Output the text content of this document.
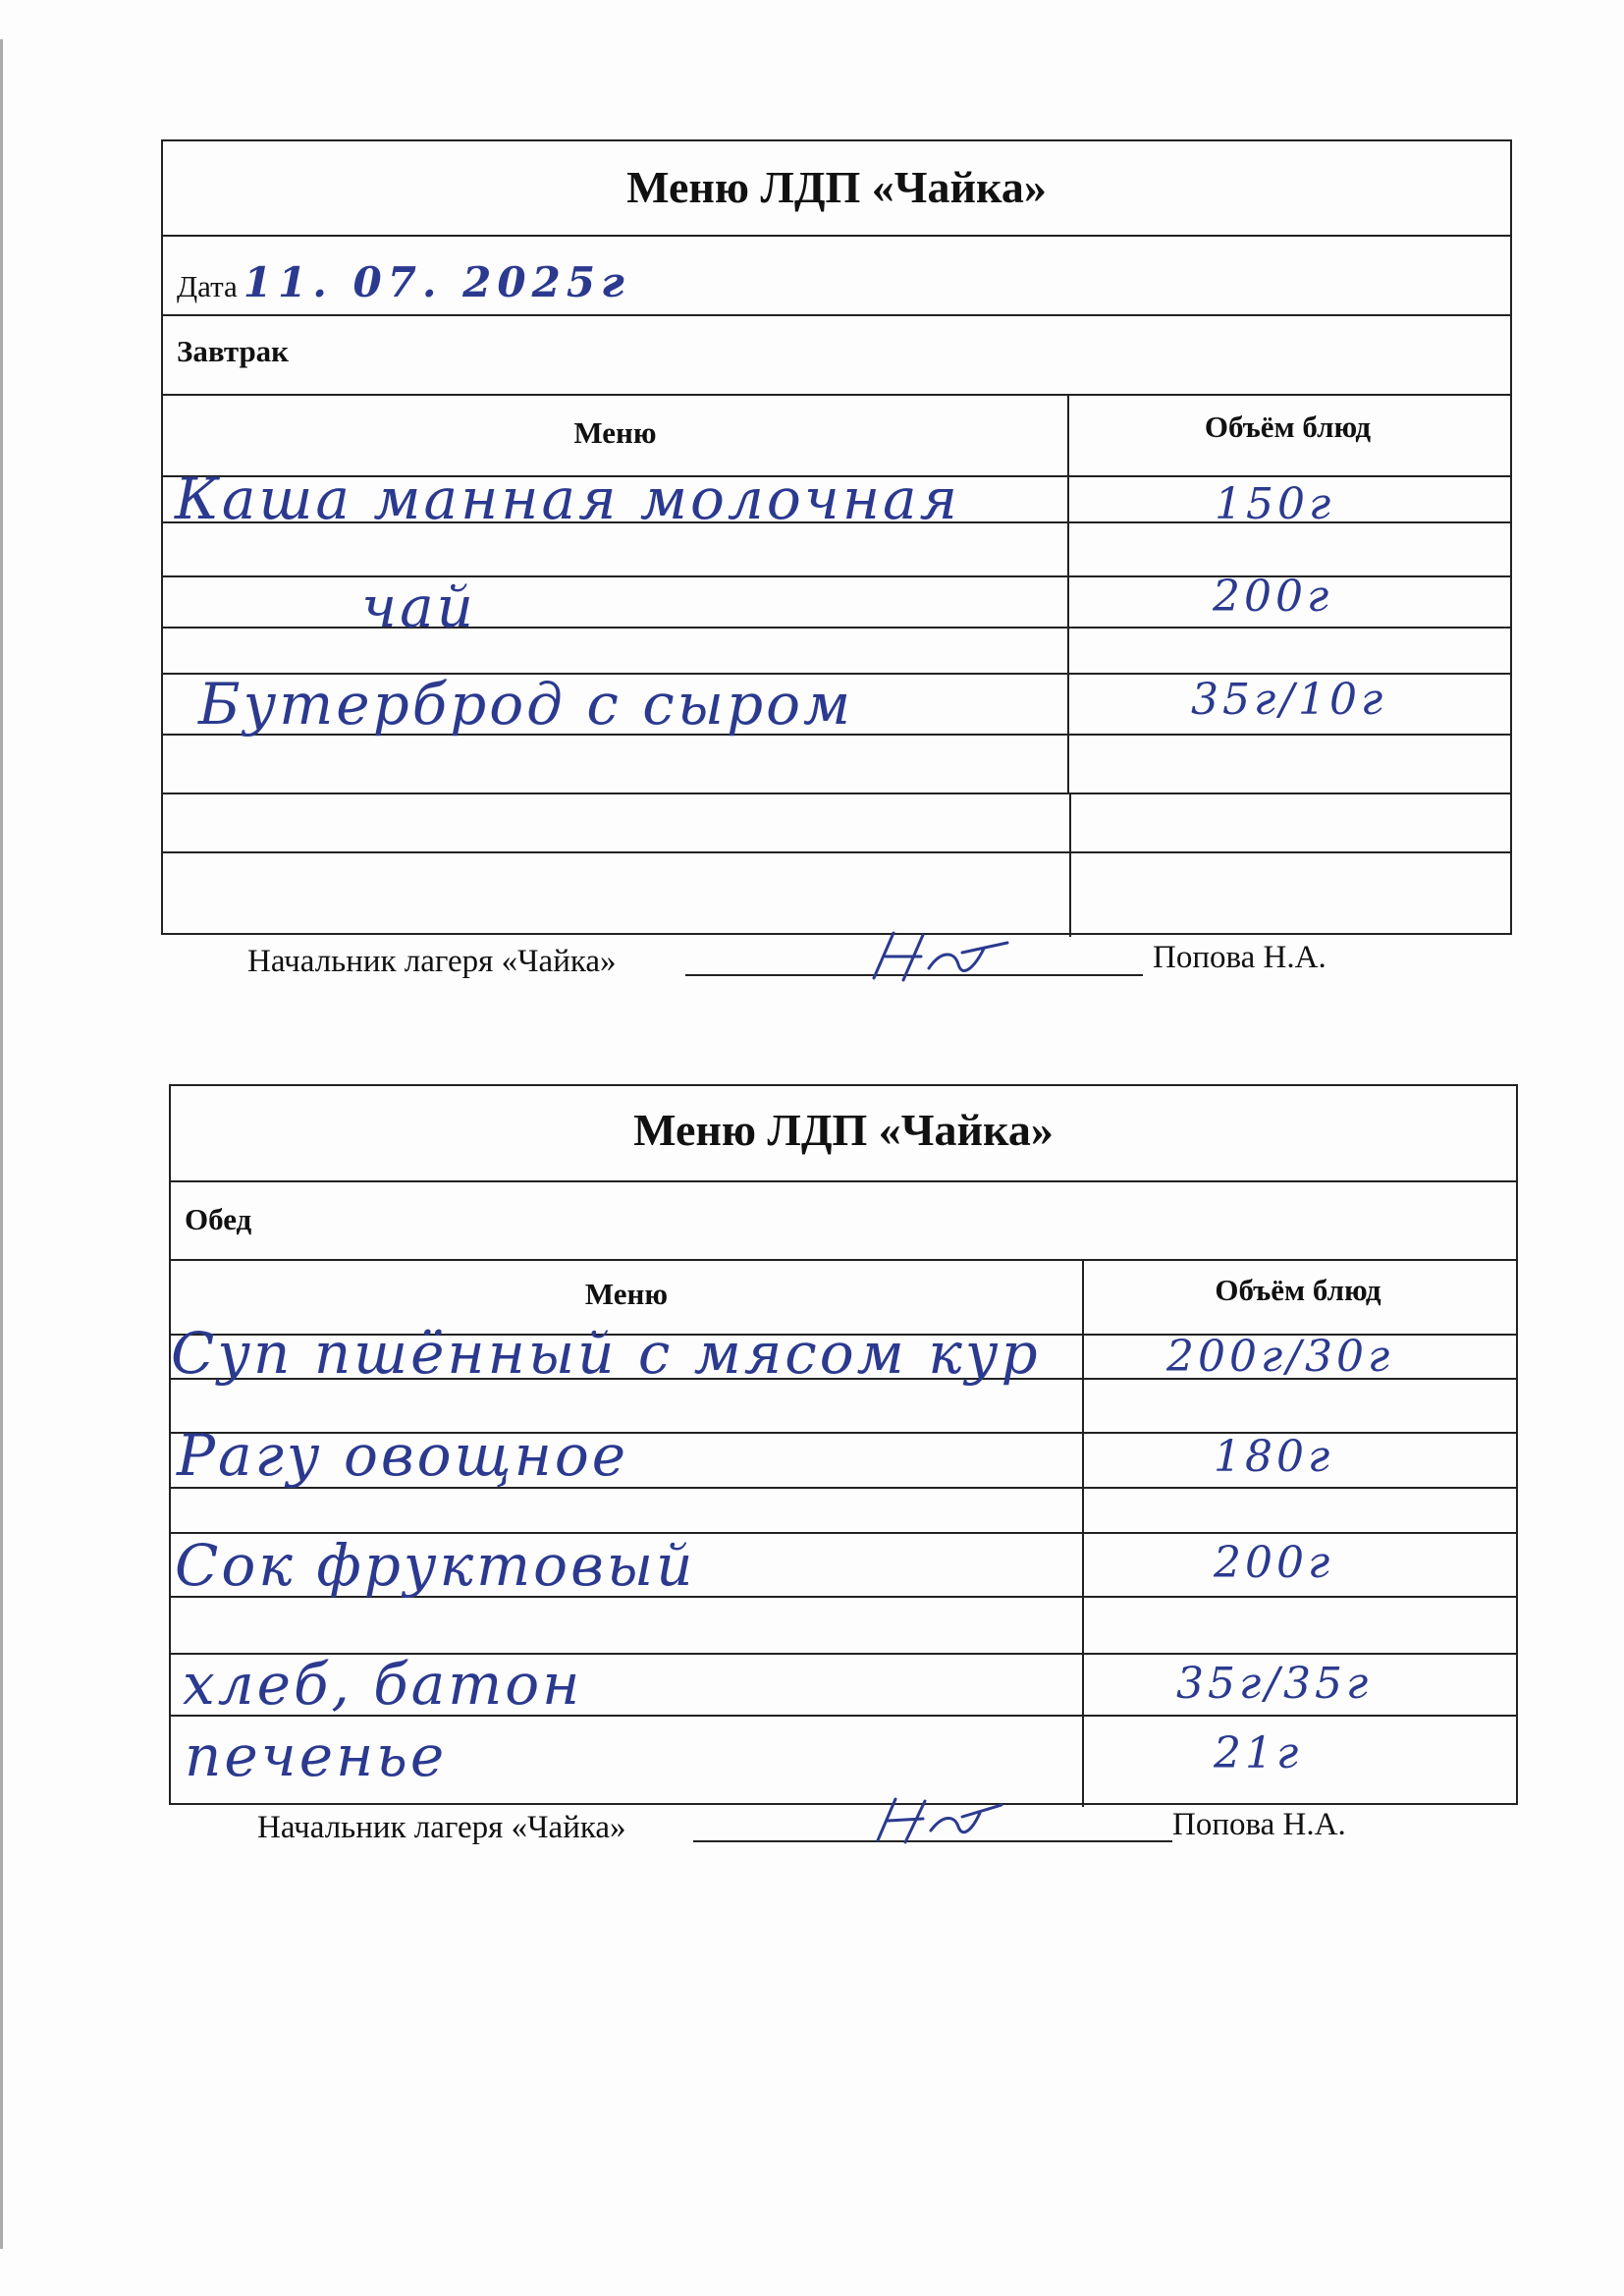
Меню ЛДП «Чайка»
Дата 11. 07. 2025г
Завтрак
Меню	Объём блюд
Каша манная молочная	150г
чай	200г
Бутерброд с сыром	35г/10г
Начальник лагеря «Чайка»	Попова Н.А.
Меню ЛДП «Чайка»
Обед
Меню	Объём блюд
Суп пшённый с мясом кур	200г/30г
Рагу овощное	180г
Сок фруктовый	200г
хлеб, батон	35г/35г
печенье	21г
Начальник лагеря «Чайка»	Попова Н.А.
